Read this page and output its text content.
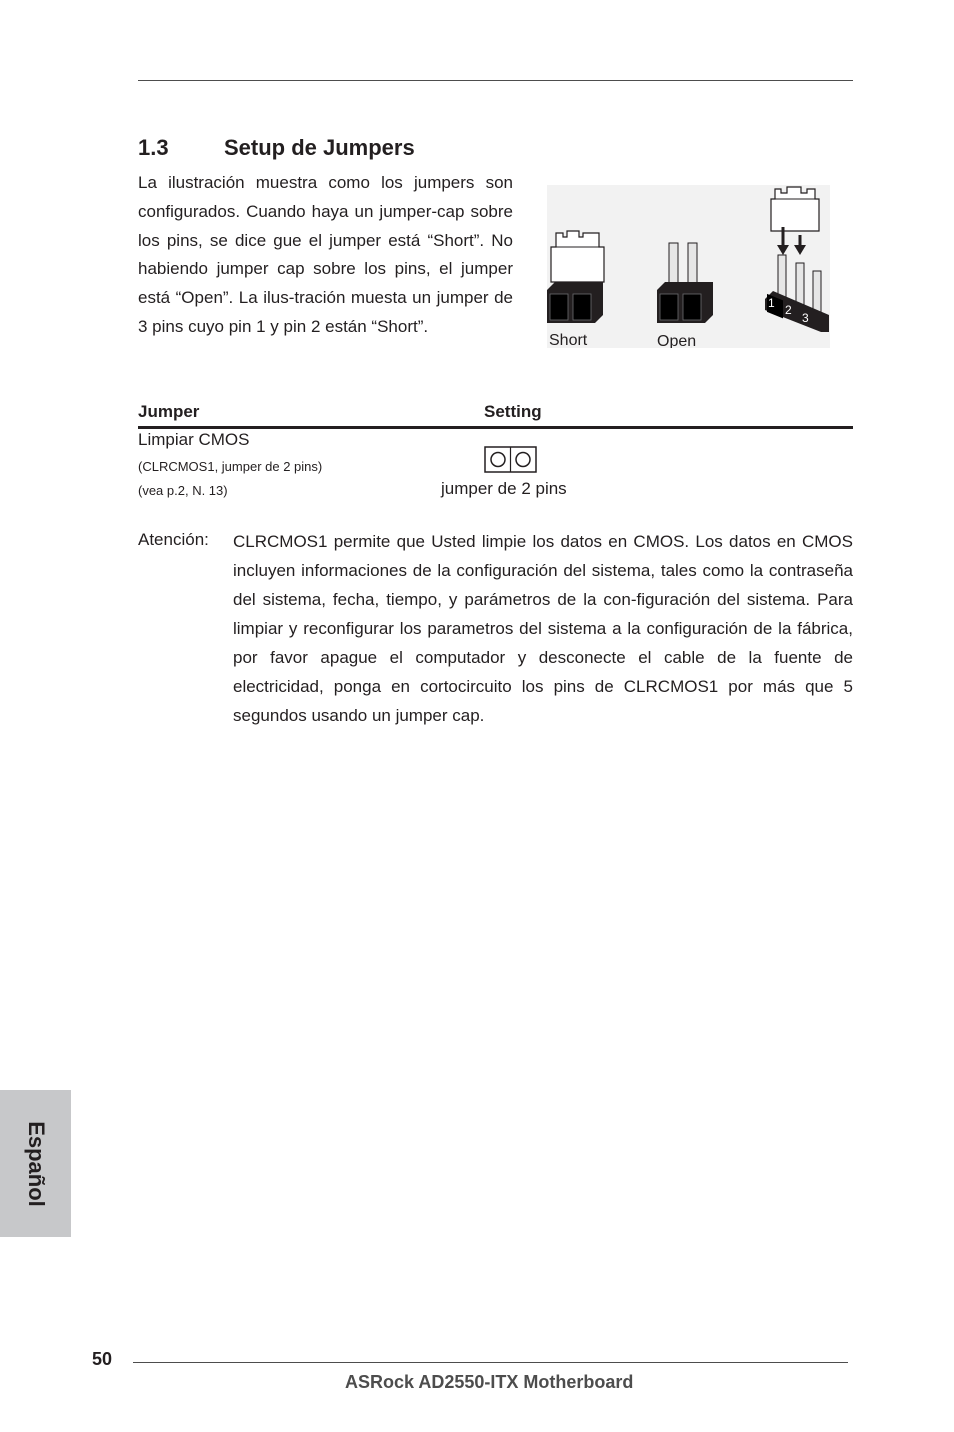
1.3	Setup de Jumpers

La ilustración muestra como los jumpers son configurados. Cuando haya un jumper-cap sobre los pins, se dice gue el jumper está “Short”. No habiendo jumper cap sobre los pins, el jumper está “Open”. La ilus-tración muesta un jumper de 3 pins cuyo pin 1 y pin 2 están “Short”.

1 2
3
Short	Open
Jumper	Setting
Limpiar CMOS
(CLRCMOS1, jumper de 2 pins)
(vea p.2, N. 13)	jumper de 2 pins
Atención: CLRCMOS1 permite que Usted limpie los datos en CMOS. Los datos en CMOS incluyen informaciones de la configuración del sistema, tales como la contraseña del sistema, fecha, tiempo, y parámetros de la con-figuración del sistema. Para limpiar y reconfigurar los parametros del sistema a la configuración de la fábrica, por favor apague el computador y desconecte el cable de la fuente de electricidad, ponga en cortocircuito los pins de CLRCMOS1 por más que 5 segundos usando un jumper cap.

Español
50
ASRock AD2550-ITX Motherboard
